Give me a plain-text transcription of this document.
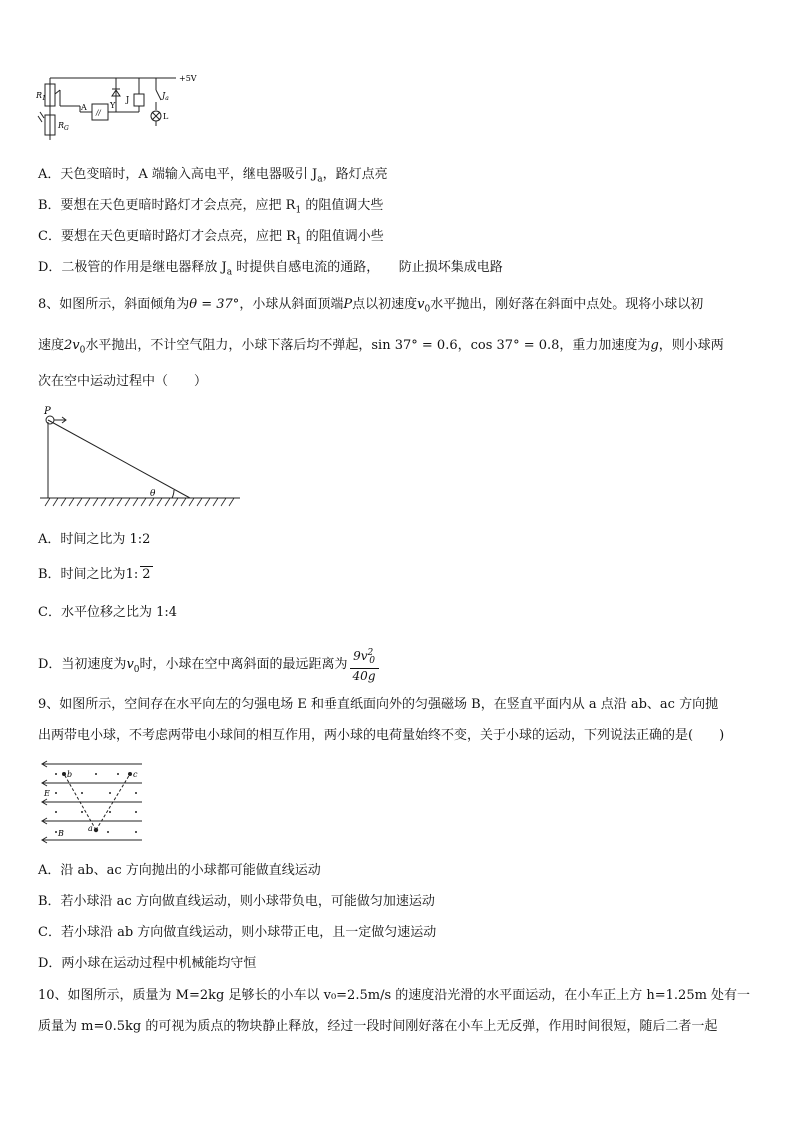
+5V
$R_1$
$R_G$
A	Y
//
J	$J_a$
L
A．天色变暗时，A 端输入高电平，继电器吸引 $J_a$，路灯点亮
B．要想在天色更暗时路灯才会点亮，应把 $R_1$ 的阻值调大些
C．要想在天色更暗时路灯才会点亮，应把 $R_1$ 的阻值调小些
D．二极管的作用是继电器释放 $J_a$ 时提供自感电流的通路，　　防止损坏集成电路
8、如图所示，斜面倾角为θ = 37°，小球从斜面顶端P点以初速度$v_0$水平抛出，刚好落在斜面中点处。现将小球以初
速度$2v_0$水平抛出，不计空气阻力，小球下落后均不弹起，sin 37° = 0.6，cos 37° = 0.8，重力加速度为g，则小球两
次在空中运动过程中（　　）
P
θ
A．时间之比为 1:2
B．时间之比为1: 2
C．水平位移之比为 1:4
D．当初速度为$v_0$时，小球在空中离斜面的最远距离为 $\frac{9v^2_0}{40g}$
9、如图所示，空间存在水平向左的匀强电场 E 和垂直纸面向外的匀强磁场 B，在竖直平面内从 a 点沿 ab、ac 方向抛
出两带电小球，不考虑两带电小球间的相互作用，两小球的电荷量始终不变，关于小球的运动，下列说法正确的是(　　)
b	c
E
B
a
A．沿 ab、ac 方向抛出的小球都可能做直线运动
B．若小球沿 ac 方向做直线运动，则小球带负电，可能做匀加速运动
C．若小球沿 ab 方向做直线运动，则小球带正电，且一定做匀速运动
D．两小球在运动过程中机械能均守恒
10、如图所示，质量为 M=2kg 足够长的小车以 v₀=2.5m/s 的速度沿光滑的水平面运动，在小车正上方 h=1.25m 处有一
质量为 m=0.5kg 的可视为质点的物块静止释放，经过一段时间刚好落在小车上无反弹，作用时间很短，随后二者一起
